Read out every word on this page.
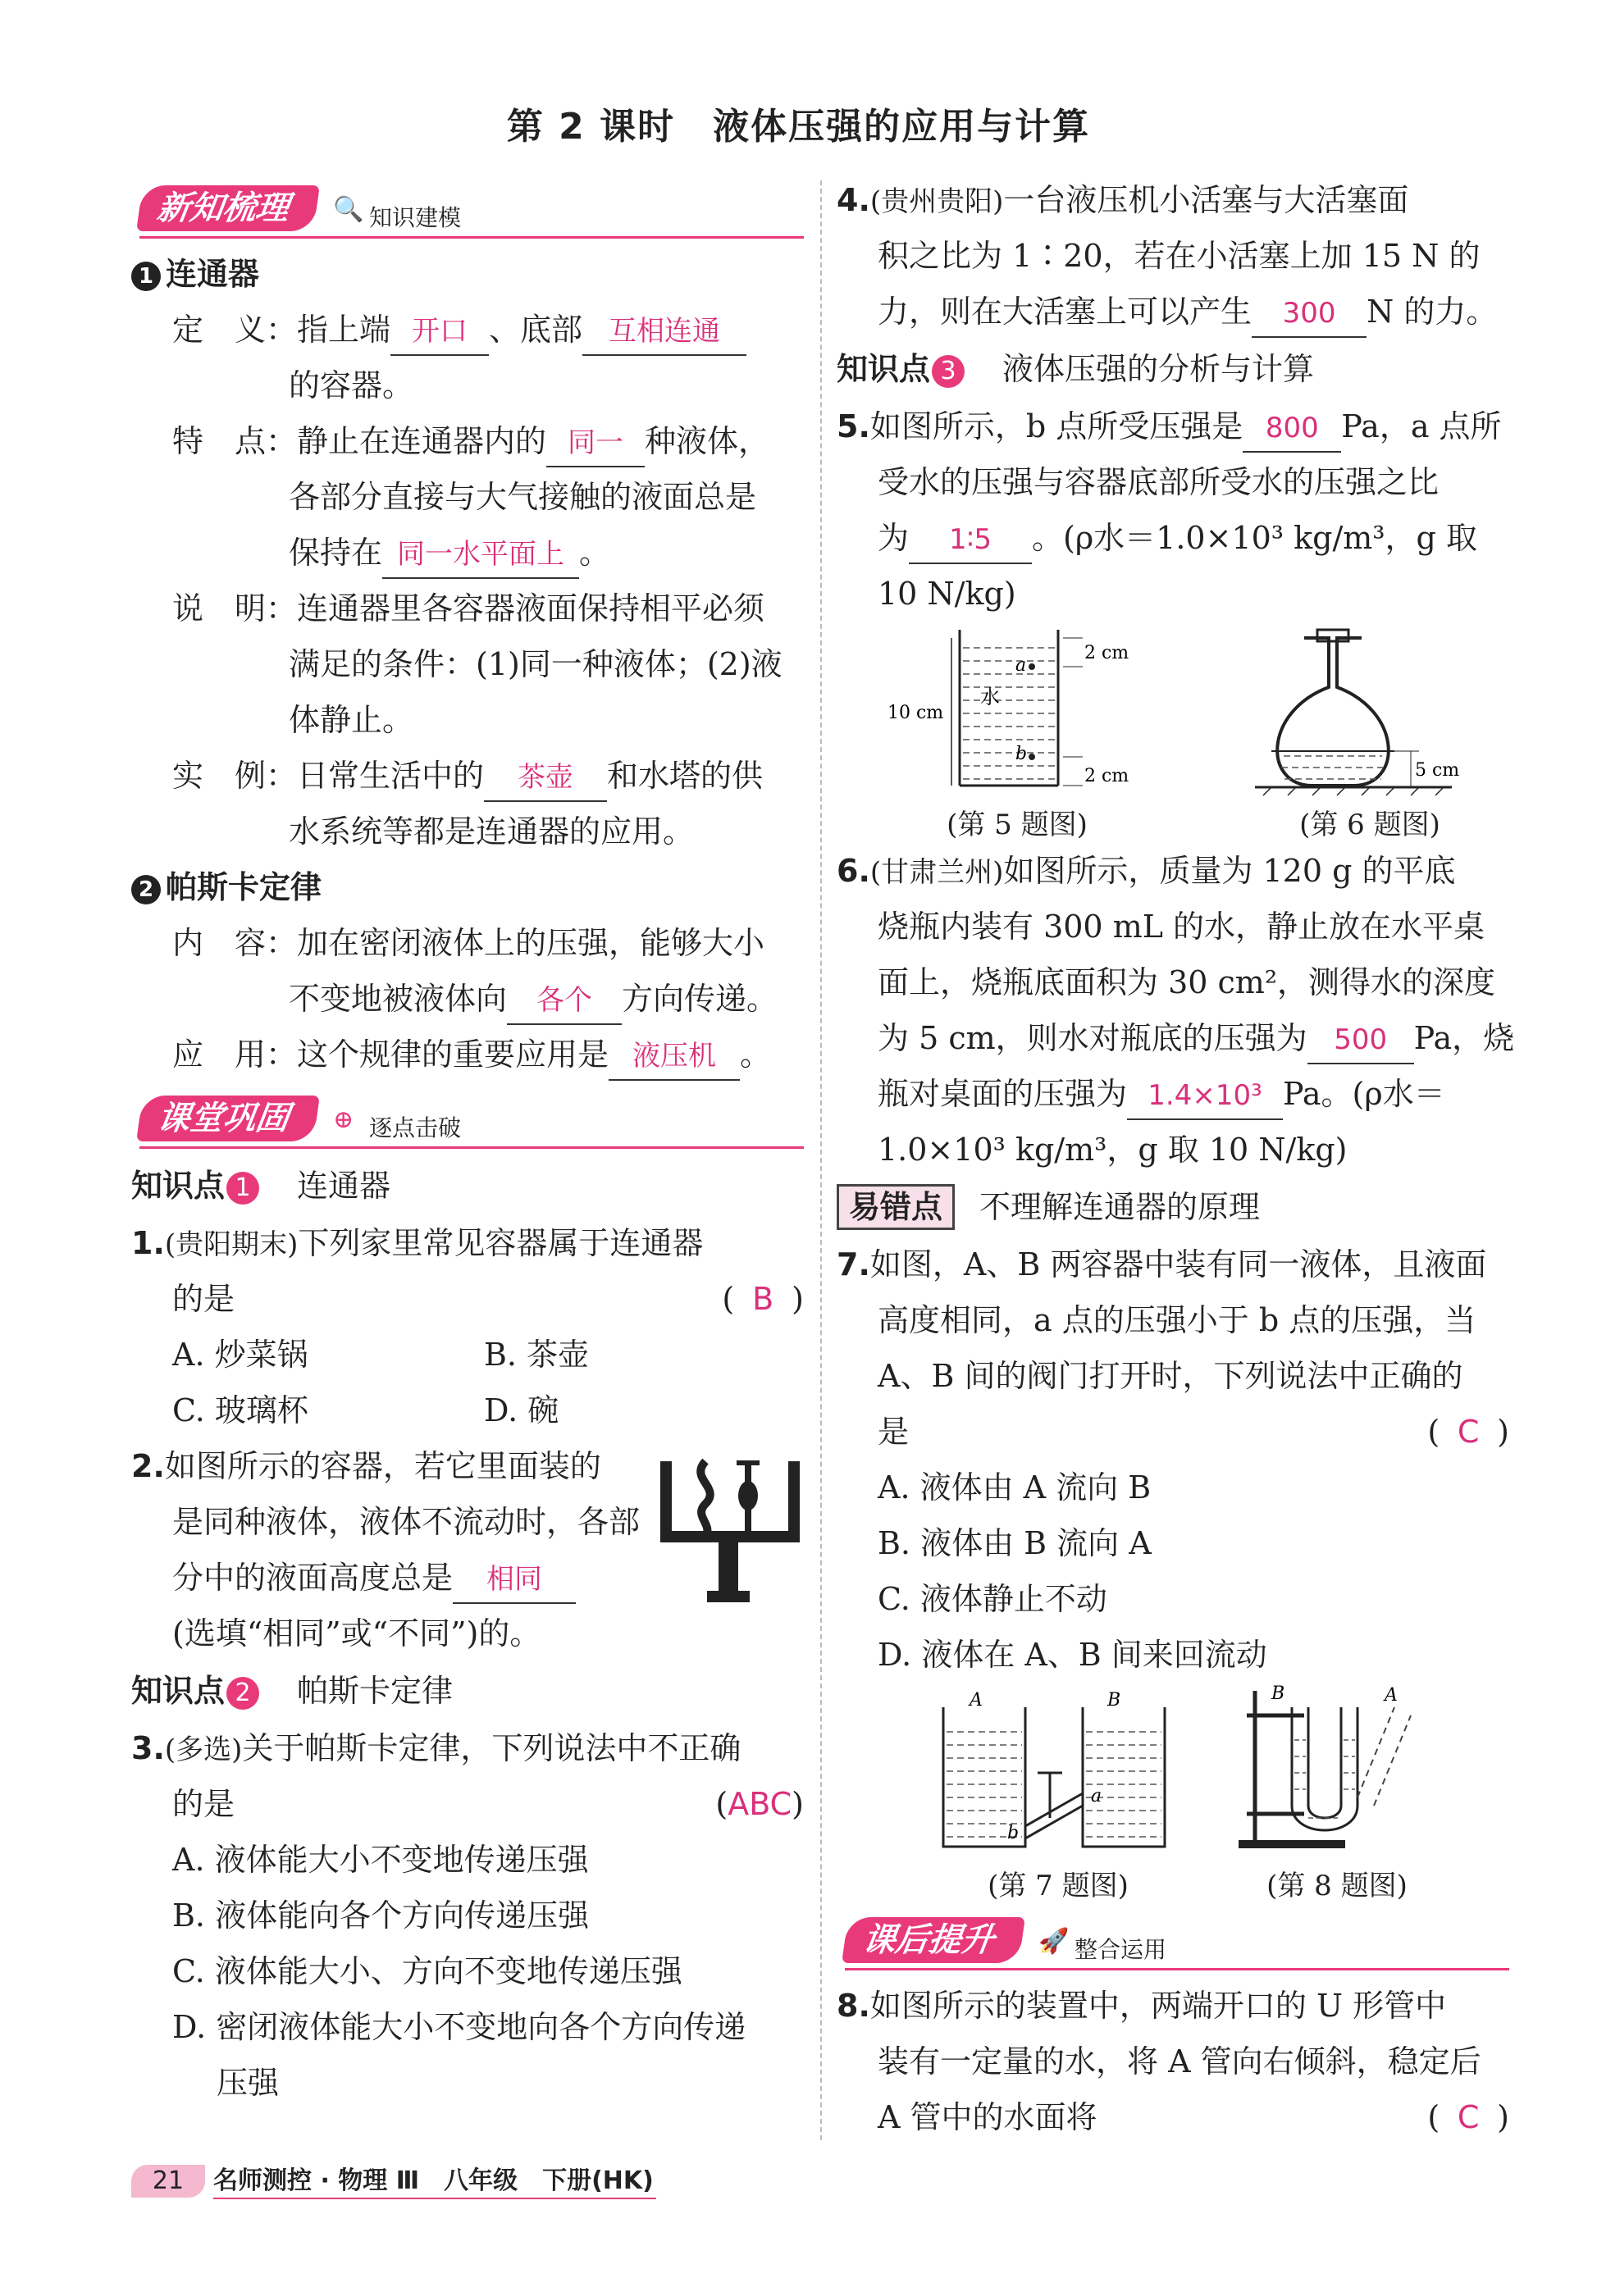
第 2 课时　液体压强的应用与计算
新知梳理	🔍 知识建模
1 连通器
定　义：指上端 开口 、底部 互相连通
的容器。
特　点：静止在连通器内的 同一 种液体，
各部分直接与大气接触的液面总是
保持在 同一水平面上 。
说　明：连通器里各容器液面保持相平必须
满足的条件：(1)同一种液体；(2)液
体静止。
实　例：日常生活中的 茶壶 和水塔的供
水系统等都是连通器的应用。
2 帕斯卡定律
内　容：加在密闭液体上的压强，能够大小
不变地被液体向 各个 方向传递。
应　用：这个规律的重要应用是 液压机 。
课堂巩固	⊕ 逐点击破
知识点 1 连通器
1.(贵阳期末)下列家里常见容器属于连通器
的是	( B )
A. 炒菜锅	B. 茶壶
C. 玻璃杯	D. 碗
2.如图所示的容器，若它里面装的
是同种液体，液体不流动时，各部
分中的液面高度总是 相同
(选填“相同”或“不同”)的。
知识点 2 帕斯卡定律
3.(多选)关于帕斯卡定律，下列说法中不正确
的是	(ABC)
A. 液体能大小不变地传递压强
B. 液体能向各个方向传递压强
C. 液体能大小、方向不变地传递压强
D. 密闭液体能大小不变地向各个方向传递
压强
4.(贵州贵阳)一台液压机小活塞与大活塞面
积之比为 1∶20，若在小活塞上加 15 N 的
力，则在大活塞上可以产生 300 N 的力。
知识点 3 液体压强的分析与计算
5.如图所示，b 点所受压强是 800 Pa，a 点所
受水的压强与容器底部所受水的压强之比
为 1∶5 。(ρ水＝1.0×10³ kg/m³，g 取
10 N/kg)
a
b
水
2 cm
10 cm
2 cm
(第 5 题图)
5 cm
(第 6 题图)
6.(甘肃兰州)如图所示，质量为 120 g 的平底
烧瓶内装有 300 mL 的水，静止放在水平桌
面上，烧瓶底面积为 30 cm²，测得水的深度
为 5 cm，则水对瓶底的压强为 500 Pa，烧
瓶对桌面的压强为 1.4×10³ Pa。(ρ水＝
1.0×10³ kg/m³，g 取 10 N/kg)
易错点 不理解连通器的原理
7.如图，A、B 两容器中装有同一液体，且液面
高度相同，a 点的压强小于 b 点的压强，当
A、B 间的阀门打开时，下列说法中正确的
是	( C )
A. 液体由 A 流向 B
B. 液体由 B 流向 A
C. 液体静止不动
D. 液体在 A、B 间来回流动
A	B
a
b
(第 7 题图)
B	A
(第 8 题图)
课后提升	🚀 整合运用
8.如图所示的装置中，两端开口的 U 形管中
装有一定量的水，将 A 管向右倾斜，稳定后
A 管中的水面将	( C )
21	名师测控 · 物理 Ⅲ　八年级　下册(HK)
